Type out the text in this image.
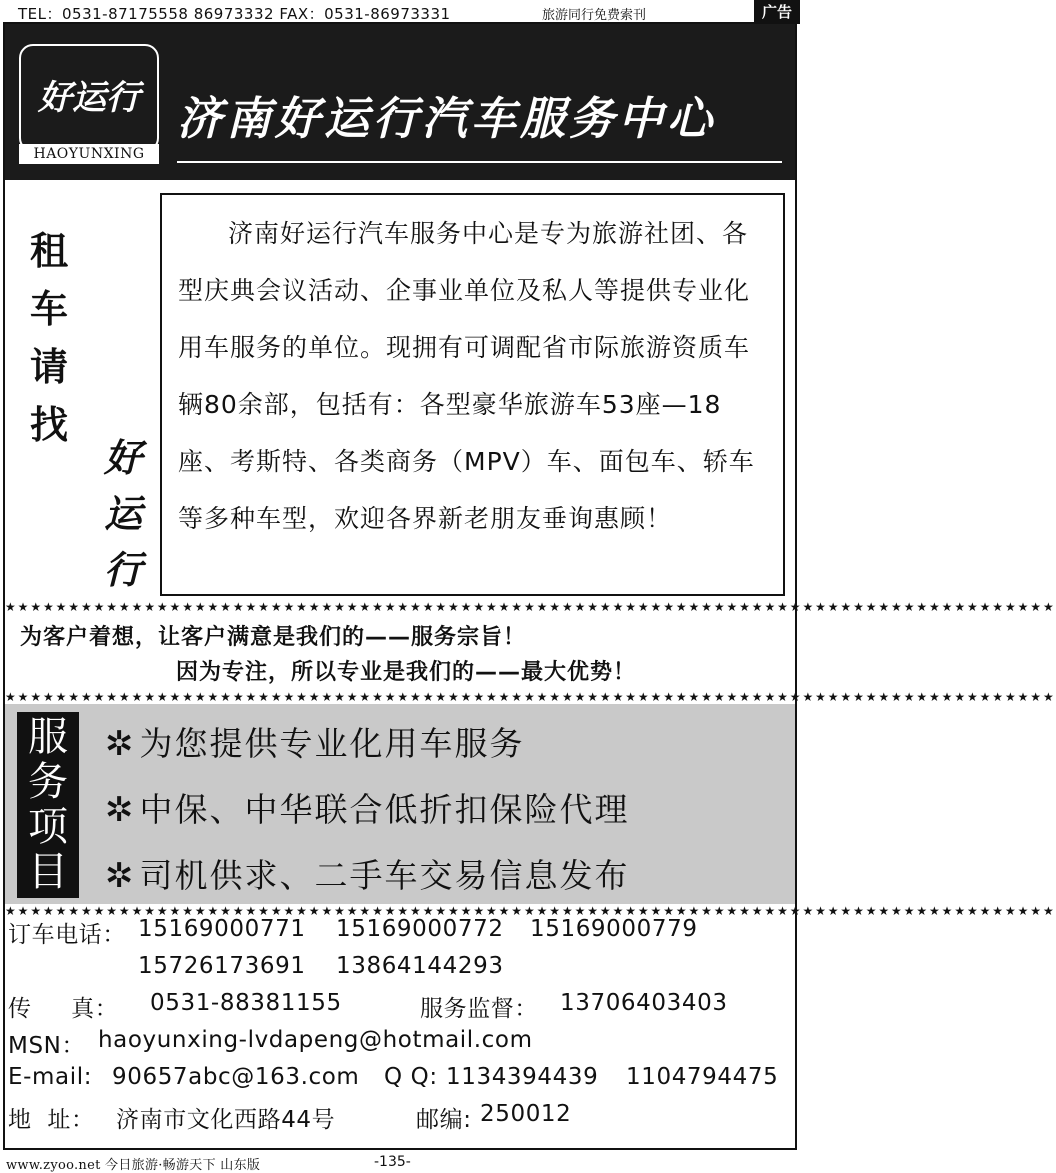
TEL：0531-87175558 86973332 FAX：0531-86973331	旅游同行免费索刊	广告
好运行
HAOYUNXING
济南好运行汽车服务中心
租
车
请
找
好
运
行

济南好运行汽车服务中心是专为旅游社团、各型庆典会议活动、企事业单位及私人等提供专业化用车服务的单位。现拥有可调配省市际旅游资质车辆80余部，包括有：各型豪华旅游车53座—18座、考斯特、各类商务（MPV）车、面包车、轿车等多种车型，欢迎各界新老朋友垂询惠顾！

★★★★★★★★★★★★★★★★★★★★★★★★★★★★★★★★★★★★★★★★★★★★★★★★★★★★★★★★★★★★★★★★★★★★★★★★★★★★★★★★★★★
为客户着想，让客户满意是我们的——服务宗旨！
因为专注，所以专业是我们的——最大优势！
★★★★★★★★★★★★★★★★★★★★★★★★★★★★★★★★★★★★★★★★★★★★★★★★★★★★★★★★★★★★★★★★★★★★★★★★★★★★★★★★★★★
服
务
项
目
✲ 为您提供专业化用车服务
✲ 中保、中华联合低折扣保险代理
✲ 司机供求、二手车交易信息发布
★★★★★★★★★★★★★★★★★★★★★★★★★★★★★★★★★★★★★★★★★★★★★★★★★★★★★★★★★★★★★★★★★★★★★★★★★★★★★★★★★★★
订车电话： 15169000771 15169000772 15169000779
15726173691 13864144293
传     真： 0531-88381155	服务监督： 13706403403
MSN： haoyunxing-lvdapeng@hotmail.com
E-mail: 90657abc@163.com Q Q: 1134394439 1104794475
地  址： 济南市文化西路44号	邮编: 250012
www.zyoo.net 今日旅游·畅游天下 山东版	-135-
